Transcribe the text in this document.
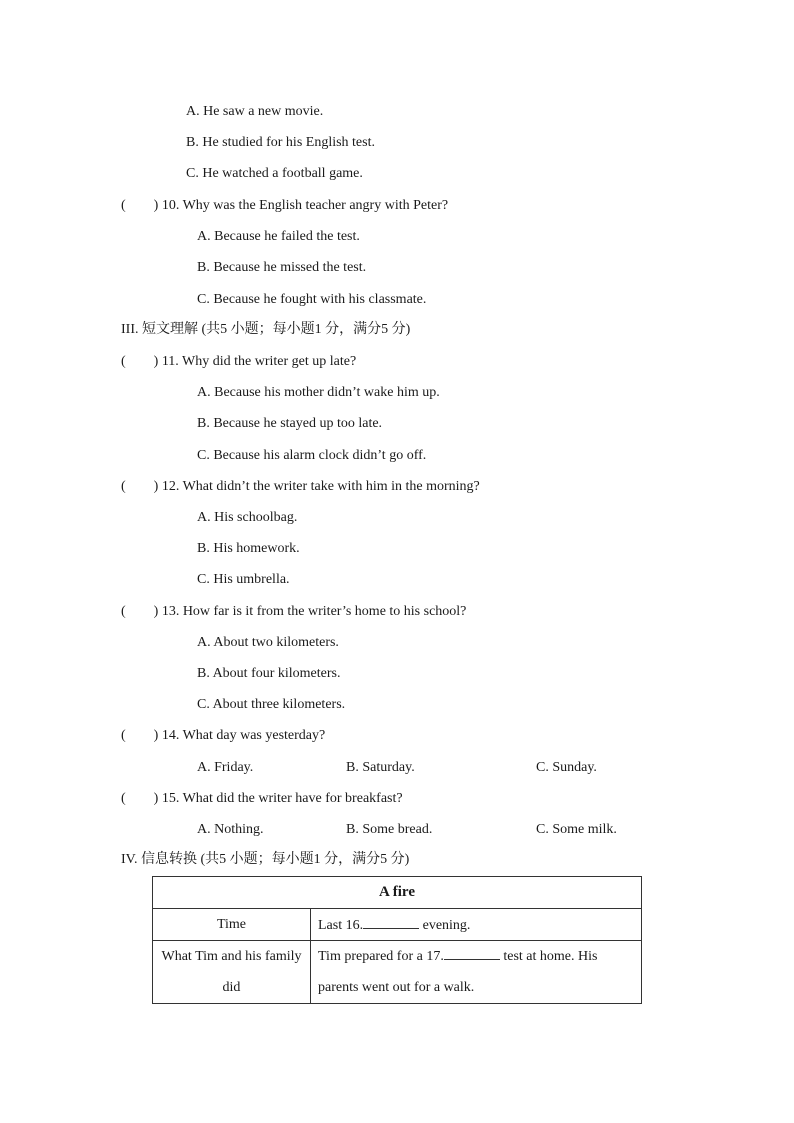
A. He saw a new movie.
B. He studied for his English test.
C. He watched a football game.
(        ) 10. Why was the English teacher angry with Peter?
A. Because he failed the test.
B. Because he missed the test.
C. Because he fought with his classmate.
III. 短文理解 (共5 小题；每小题1 分，满分5 分)
(        ) 11. Why did the writer get up late?
A. Because his mother didn’t wake him up.
B. Because he stayed up too late.
C. Because his alarm clock didn’t go off.
(        ) 12. What didn’t the writer take with him in the morning?
A. His schoolbag.
B. His homework.
C. His umbrella.
(        ) 13. How far is it from the writer’s home to his school?
A. About two kilometers.
B. About four kilometers.
C. About three kilometers.
(        ) 14. What day was yesterday?
A. Friday.	B. Saturday.	C. Sunday.
(        ) 15. What did the writer have for breakfast?
A. Nothing.	B. Some bread.	C. Some milk.
IV. 信息转换 (共5 小题；每小题1 分，满分5 分)
A fire	
Time	Last 16. evening.
What Tim and his family did	Tim prepared for a 17. test at home. His parents went out for a walk.
